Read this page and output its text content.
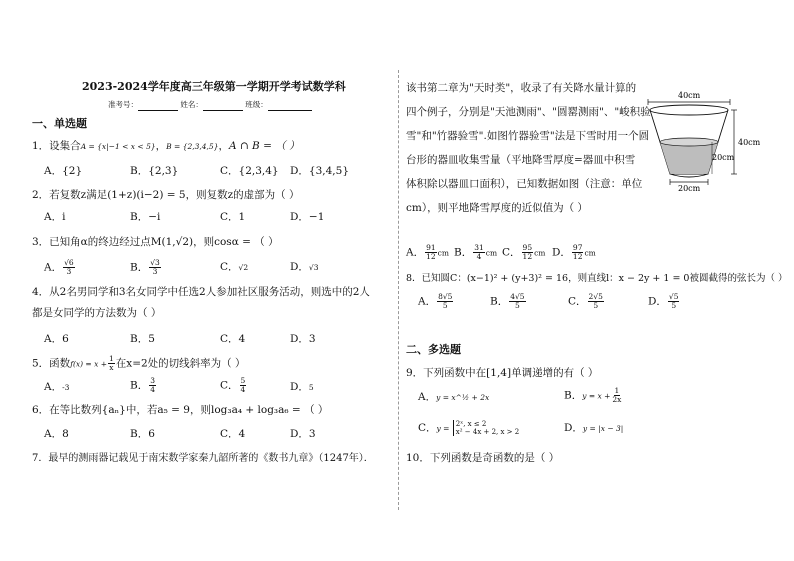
2023-2024学年度高三年级第一学期开学考试数学科
准考号：	姓名：	班级：
一、单选题
1．设集合A = {x|−1 < x < 5}，B = {2,3,4,5}，A ∩ B = （ ）
A．{2}	B．{2,3}	C．{2,3,4} D．{3,4,5}
2．若复数z满足(1+z)(i−2) = 5，则复数z的虚部为（ ）
A．i	B．−i	C．1	D．−1
3．已知角α的终边经过点M(1,√2)，则cosα = （ ）
A． $\frac{√6}{3}$	B． $\frac{√3}{3}$	C．√2	D．√3
4．从2名男同学和3名女同学中任选2人参加社区服务活动，则选中的2人
都是女同学的方法数为（ ）
A．6	B．5	C．4	D．3
5．函数$f(x) = x + \frac{1}{x}$ 在x=2处的切线斜率为（ ）
A．-3	B． $\frac{3}{4}$	C． $\frac{5}{4}$	D．5
6．在等比数列{aₙ}中，若a₅ = 9，则log₃a₄ + log₃a₆ = （ ）
A．8	B．6	C．4	D．3
7．最早的测雨器记载见于南宋数学家秦九韶所著的《数书九章》（1247年）．
该书第二章为"天时类"，收录了有关降水量计算的
四个例子，分别是"天池测雨"、"圆罂测雨"、"峻积验
雪"和"竹器验雪".如图竹器验雪"法是下雪时用一个圆
台形的器皿收集雪量（平地降雪厚度=器皿中积雪
体积除以器皿口面积），已知数据如图（注意：单位
cm），则平地降雪厚度的近似值为（ ）
40cm
40cm
20cm
20cm
A． $\frac{91}{12}$ cm B． $\frac{31}{4}$ cm C． $\frac{95}{12}$ cm D． $\frac{97}{12}$ cm
8．已知圆C：(x−1)² + (y+3)² = 16，则直线l：x − 2y + 1 = 0被圆截得的弦长为（ ）
A． $\frac{8√5}{5}$	B． $\frac{4√5}{5}$	C． $\frac{2√5}{5}$	D． $\frac{√5}{5}$
二、多选题
9．下列函数中在[1,4]单调递增的有（ ）
A．y = x^½ + 2x	B．$y = x + \frac{1}{2x}$
C．y = 2ˣ, x ≤ 2
x² − 4x + 2, x > 2	D．y = |x − 3|
10．下列函数是奇函数的是（ ）
